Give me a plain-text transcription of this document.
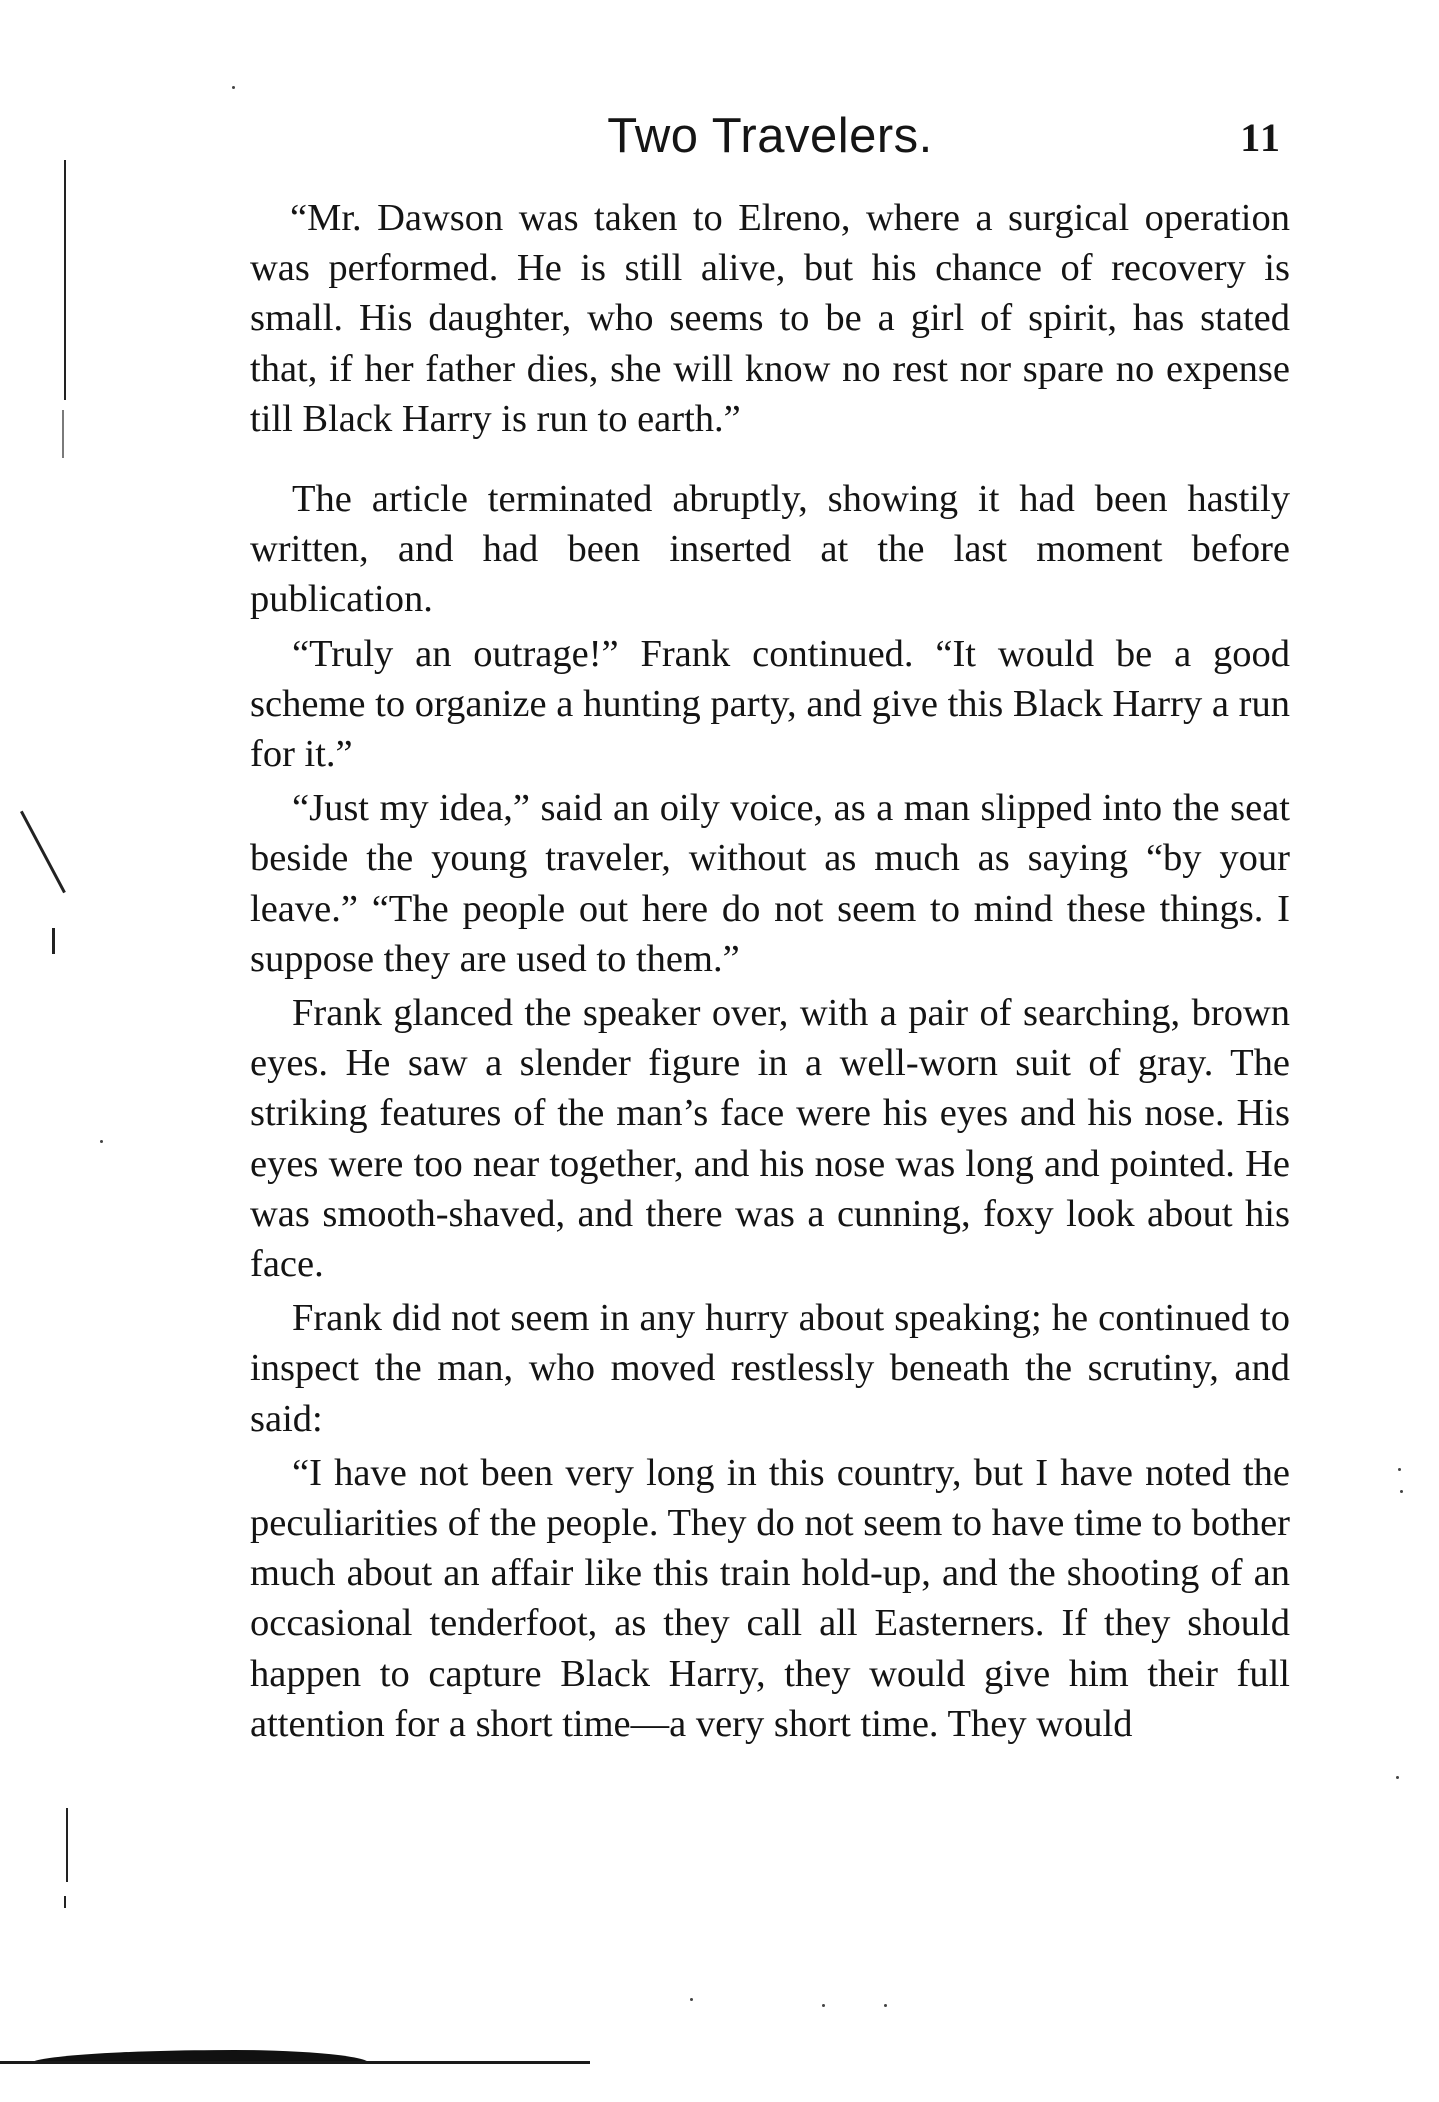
Two Travelers.	11

“Mr. Dawson was taken to Elreno, where a surgical operation was performed. He is still alive, but his chance of recovery is small. His daughter, who seems to be a girl of spirit, has stated that, if her father dies, she will know no rest nor spare no expense till Black Harry is run to earth.”

The article terminated abruptly, showing it had been hastily written, and had been inserted at the last moment before publication.

“Truly an outrage!” Frank continued. “It would be a good scheme to organize a hunting party, and give this Black Harry a run for it.”

“Just my idea,” said an oily voice, as a man slipped into the seat beside the young traveler, without as much as saying “by your leave.” “The people out here do not seem to mind these things. I suppose they are used to them.”

Frank glanced the speaker over, with a pair of searching, brown eyes. He saw a slender figure in a well-worn suit of gray. The striking features of the man’s face were his eyes and his nose. His eyes were too near together, and his nose was long and pointed. He was smooth-shaved, and there was a cunning, foxy look about his face.

Frank did not seem in any hurry about speaking; he continued to inspect the man, who moved restlessly beneath the scrutiny, and said:

“I have not been very long in this country, but I have noted the peculiarities of the people. They do not seem to have time to bother much about an affair like this train hold-up, and the shooting of an occasional tenderfoot, as they call all Easterners. If they should happen to capture Black Harry, they would give him their full attention for a short time—a very short time. They would
